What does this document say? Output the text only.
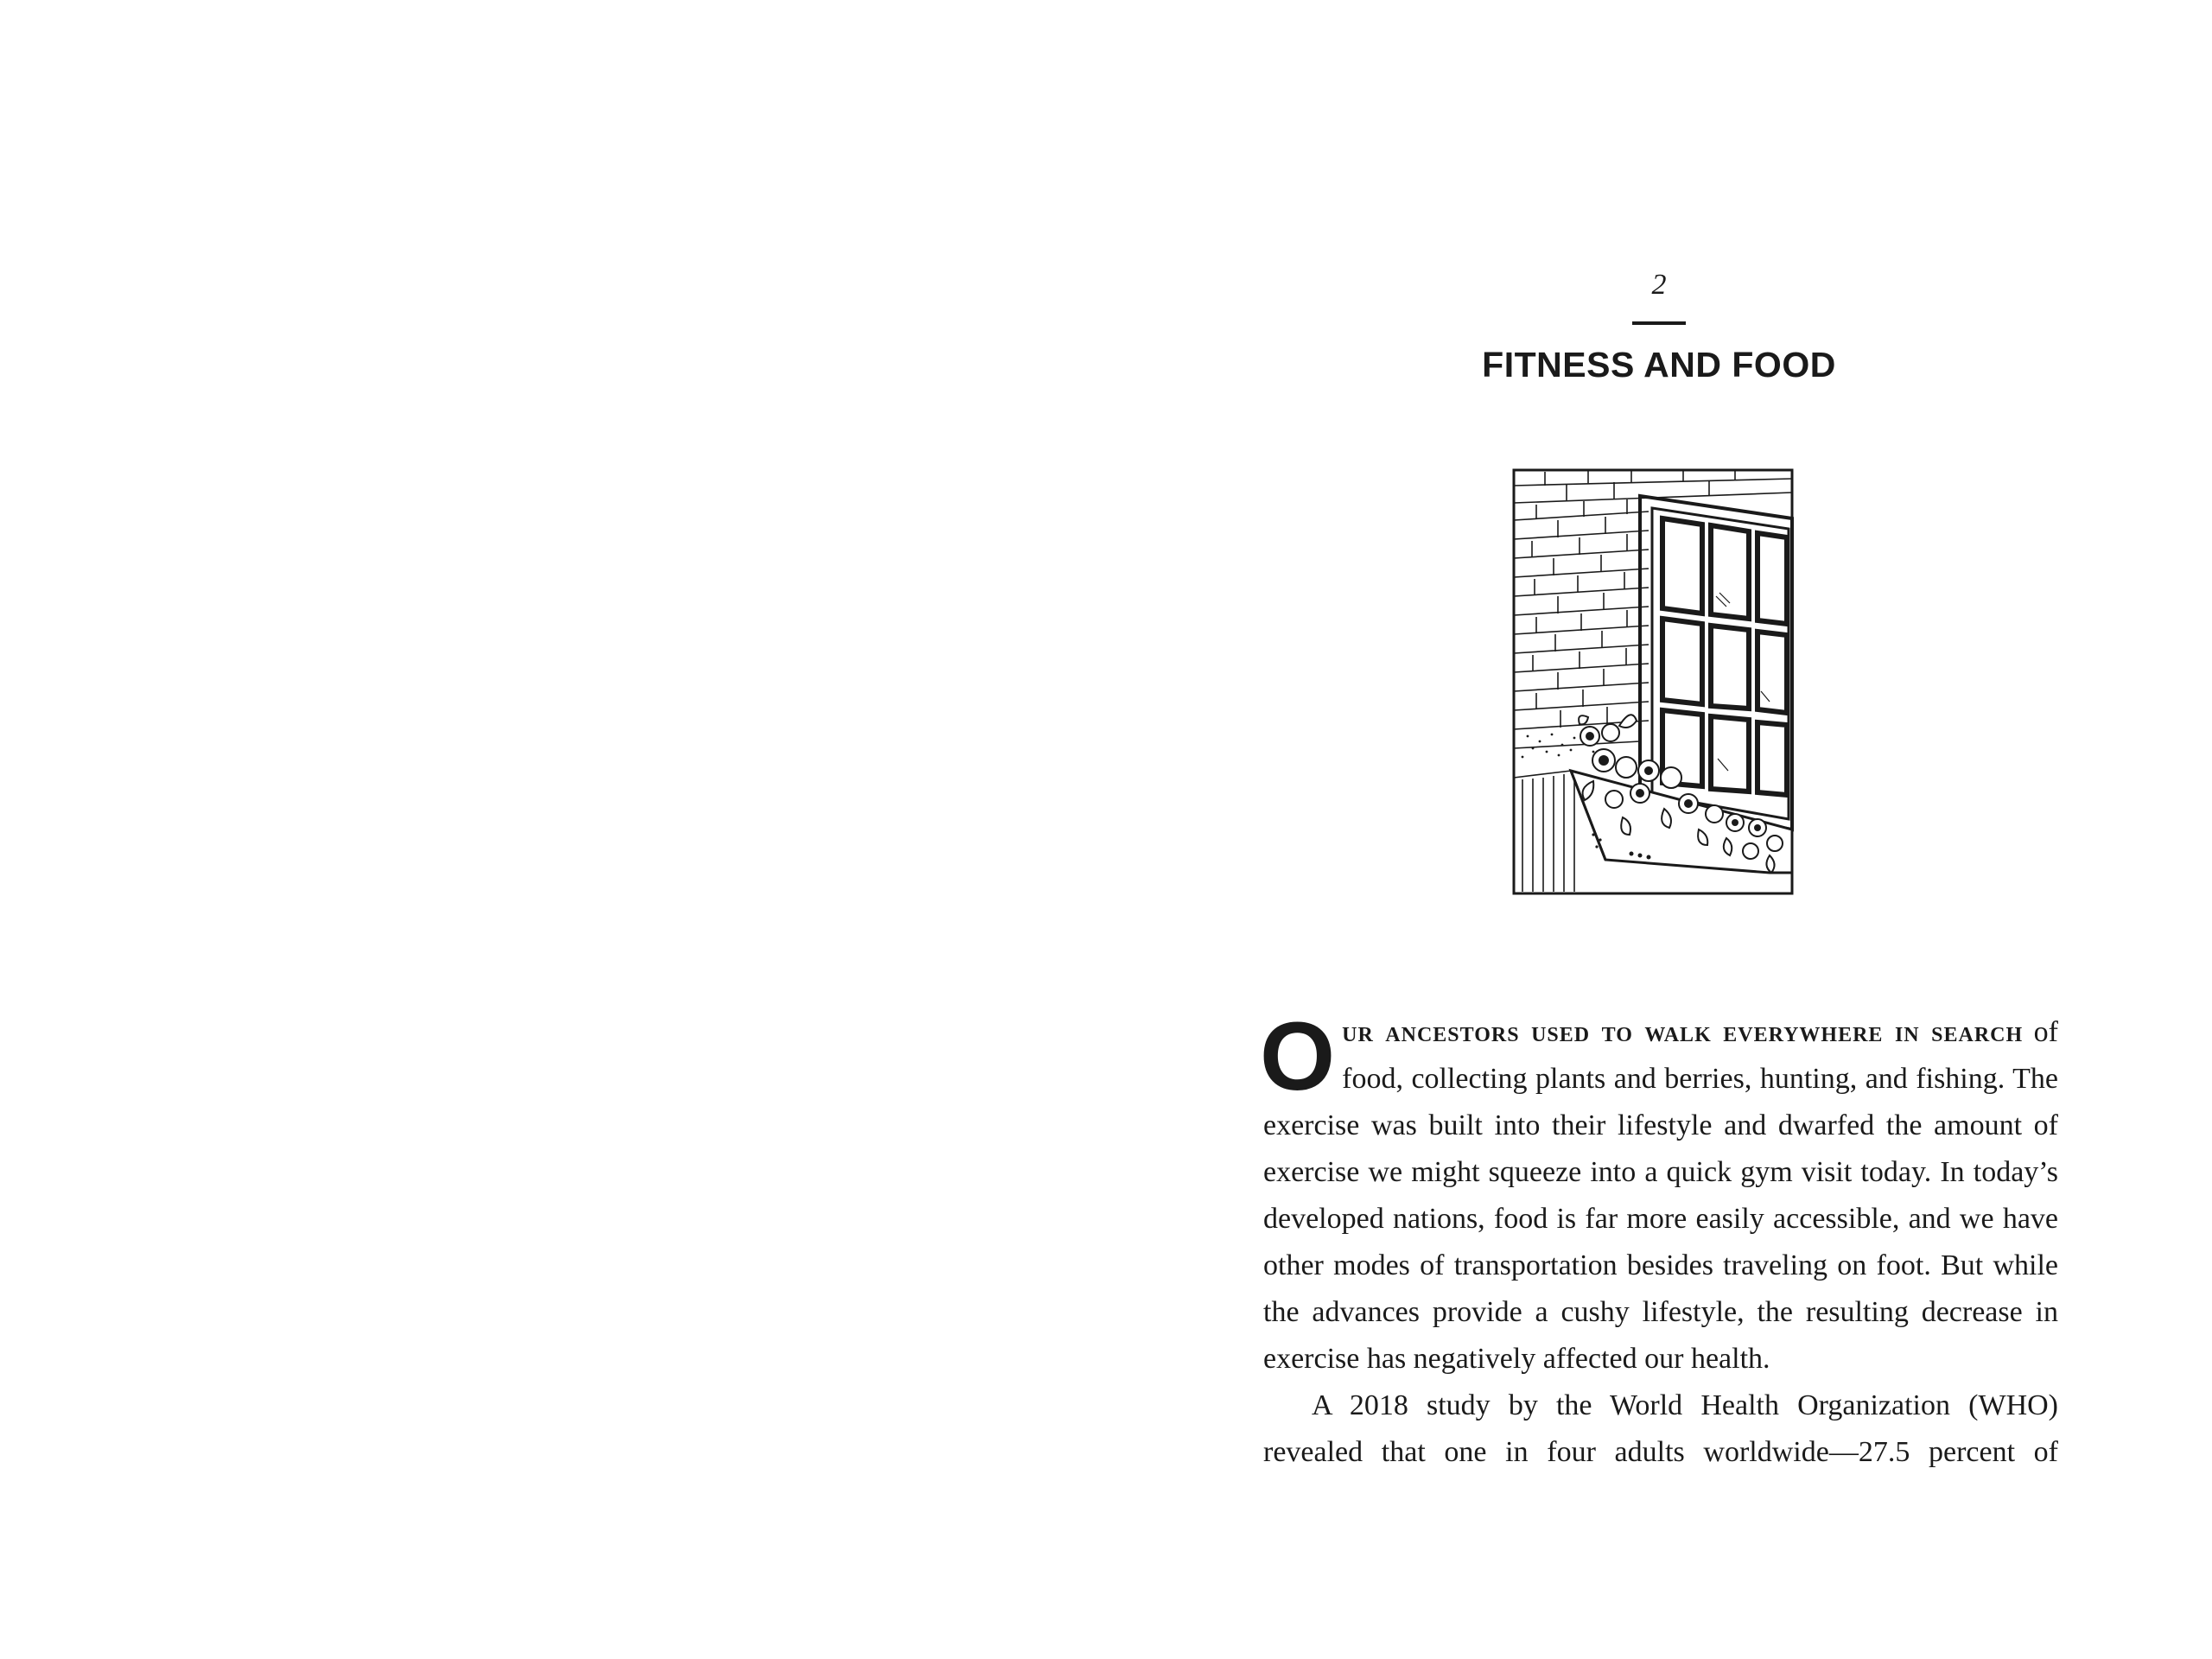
2
FITNESS AND FOOD

Our ancestors used to walk everywhere in search of food, collecting plants and berries, hunting, and fishing. The exercise was built into their lifestyle and dwarfed the amount of exercise we might squeeze into a quick gym visit today. In today’s developed nations, food is far more easily accessible, and we have other modes of transportation besides traveling on foot. But while the advances provide a cushy lifestyle, the resulting decrease in exercise has negatively affected our health.

A 2018 study by the World Health Organization (WHO) revealed that one in four adults worldwide—27.5 percent of
